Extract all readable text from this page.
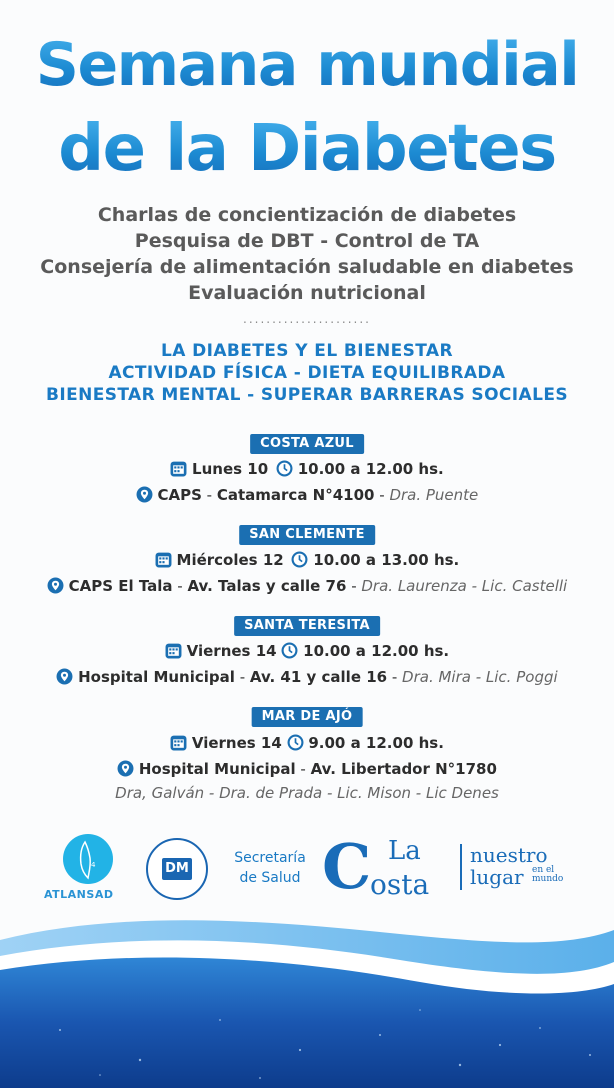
Semana mundial
de la Diabetes
Charlas de concientización de diabetes
Pesquisa de DBT - Control de TA
Consejería de alimentación saludable en diabetes
Evaluación nutricional
......................
LA DIABETES Y EL BIENESTAR
ACTIVIDAD FÍSICA - DIETA EQUILIBRADA
BIENESTAR MENTAL - SUPERAR BARRERAS SOCIALES
COSTA AZUL
Lunes 10 10.00 a 12.00 hs.
CAPS - Catamarca N°4100 - Dra. Puente
SAN CLEMENTE
Miércoles 12 10.00 a 13.00 hs.
CAPS El Tala - Av. Talas y calle 76 - Dra. Laurenza - Lic. Castelli
SANTA TERESITA
Viernes 14 10.00 a 12.00 hs.
Hospital Municipal - Av. 41 y calle 16 - Dra. Mira - Lic. Poggi
MAR DE AJÓ
Viernes 14 9.00 a 12.00 hs.
Hospital Municipal - Av. Libertador N°1780
Dra, Galván - Dra. de Prada - Lic. Mison - Lic Denes
4
ATLANSAD
DM
Secretaría
de Salud C La
osta
nuestro
lugar en el
mundo
